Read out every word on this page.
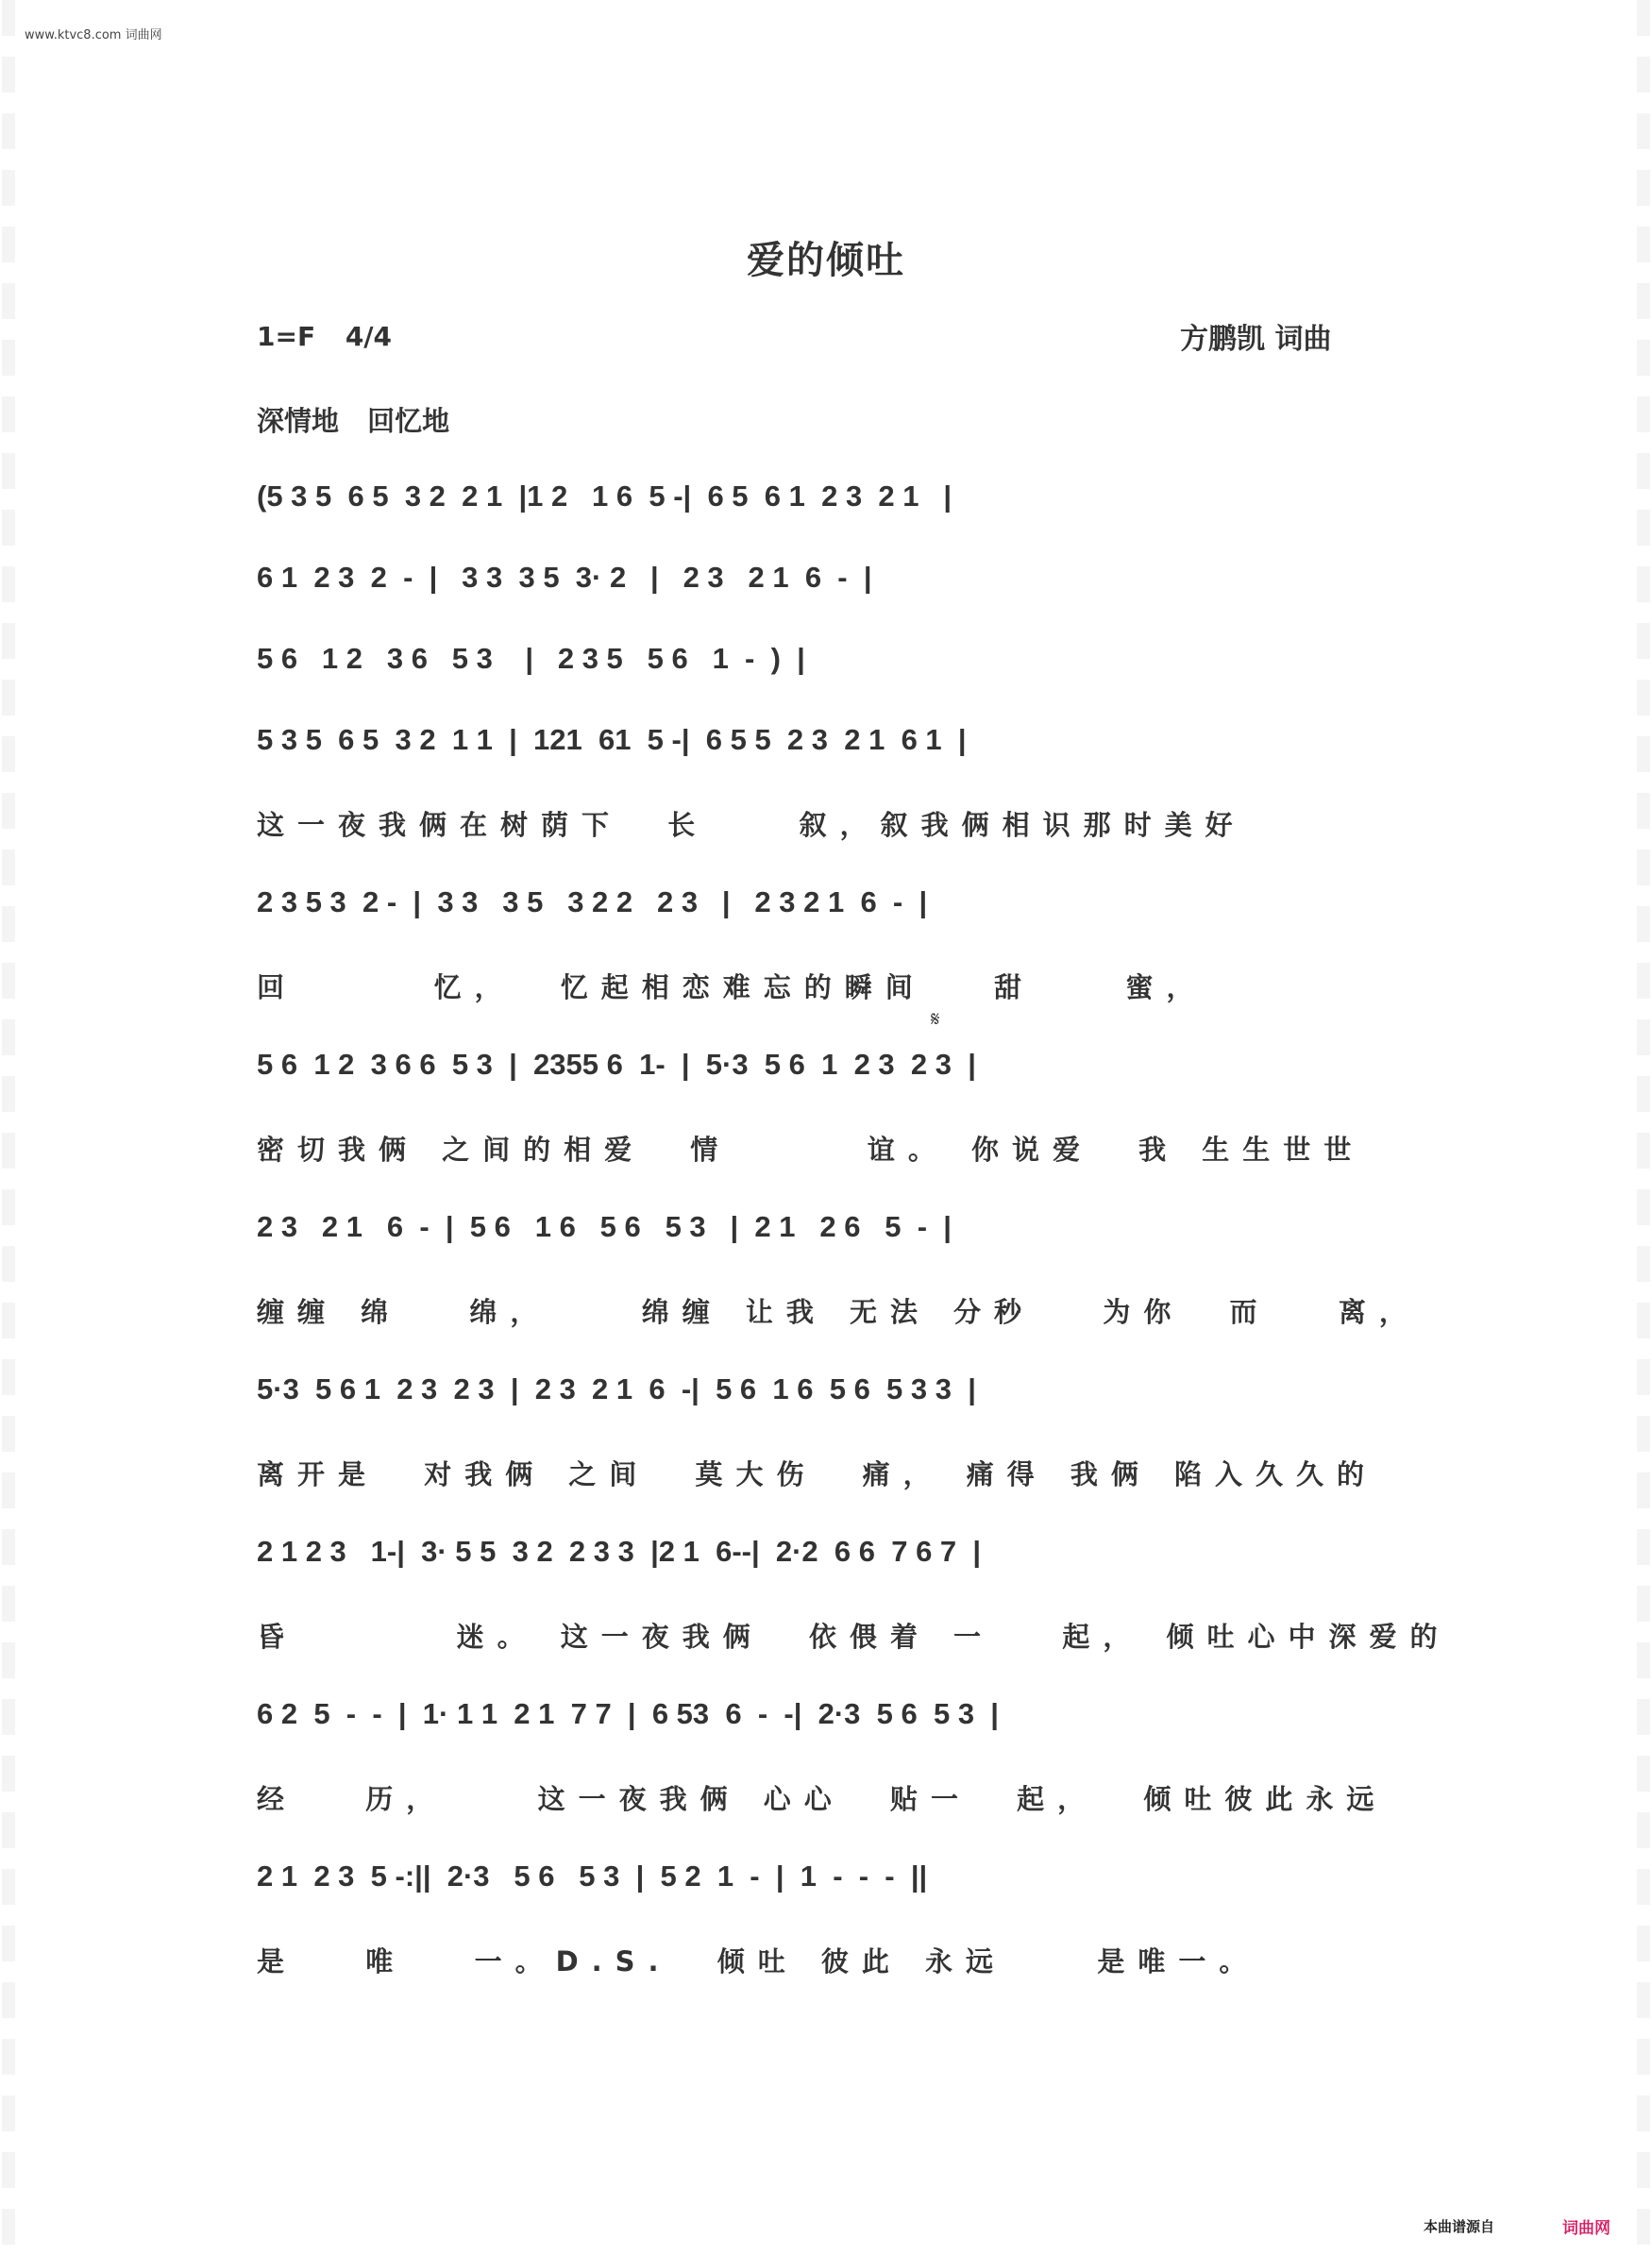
www.ktvc8.com 词曲网
爱的倾吐
1=F 4/4	方鹏凯 词曲
深情地 回忆地
(5 3 5  6 5  3 2  2 1  |1 2   1 6  5 -|  6 5  6 1  2 3  2 1   |
6 1  2 3  2  -  |   3 3  3 5  3· 2   |   2 3   2 1  6  -  |
5 6   1 2   3 6   5 3    |   2 3 5   5 6   1  -  )  |
5 3 5  6 5  3 2  1 1  |  121  61  5 -|  6 5 5  2 3  2 1  6 1  |
这一夜我俩在树荫下  长    叙，叙我俩相识那时美好
2 3 5 3  2 -  |  3 3   3 5   3 2 2   2 3   |   2 3 2 1  6  -  |
回      忆，  忆起相恋难忘的瞬间   甜    蜜，
5 6  1 2  3 6 6  5 3  |  2355 6  1-  |  5·3  5 6  1  2 3  2 3  |
密切我俩 之间的相爱  情      谊。 你说爱  我 生生世世
2 3   2 1   6  -  |  5 6   1 6   5 6   5 3   |  2 1   2 6   5  -  |
缠缠 绵   绵，    绵缠 让我 无法 分秒   为你  而   离，
5·3  5 6 1  2 3  2 3  |  2 3  2 1  6  -|  5 6  1 6  5 6  5 3 3  |
离开是  对我俩 之间  莫大伤  痛， 痛得 我俩 陷入久久的
2 1 2 3   1-|  3· 5 5  3 2  2 3 3  |2 1  6--|  2·2  6 6  7 6 7  |
昏       迷。 这一夜我俩  依偎着 一   起， 倾吐心中深爱的
6 2  5  -  -  |  1· 1 1  2 1  7 7  |  6 53  6  -  -|  2·3  5 6  5 3  |
经   历，    这一夜我俩 心心  贴一  起，  倾吐彼此永远
2 1  2 3  5 -:||  2·3   5 6   5 3  |  5 2  1  -  |  1  -  -  -  ||
是   唯   一。D.S.  倾吐 彼此 永远    是唯一。
𝄋
本曲谱源自	词曲网
